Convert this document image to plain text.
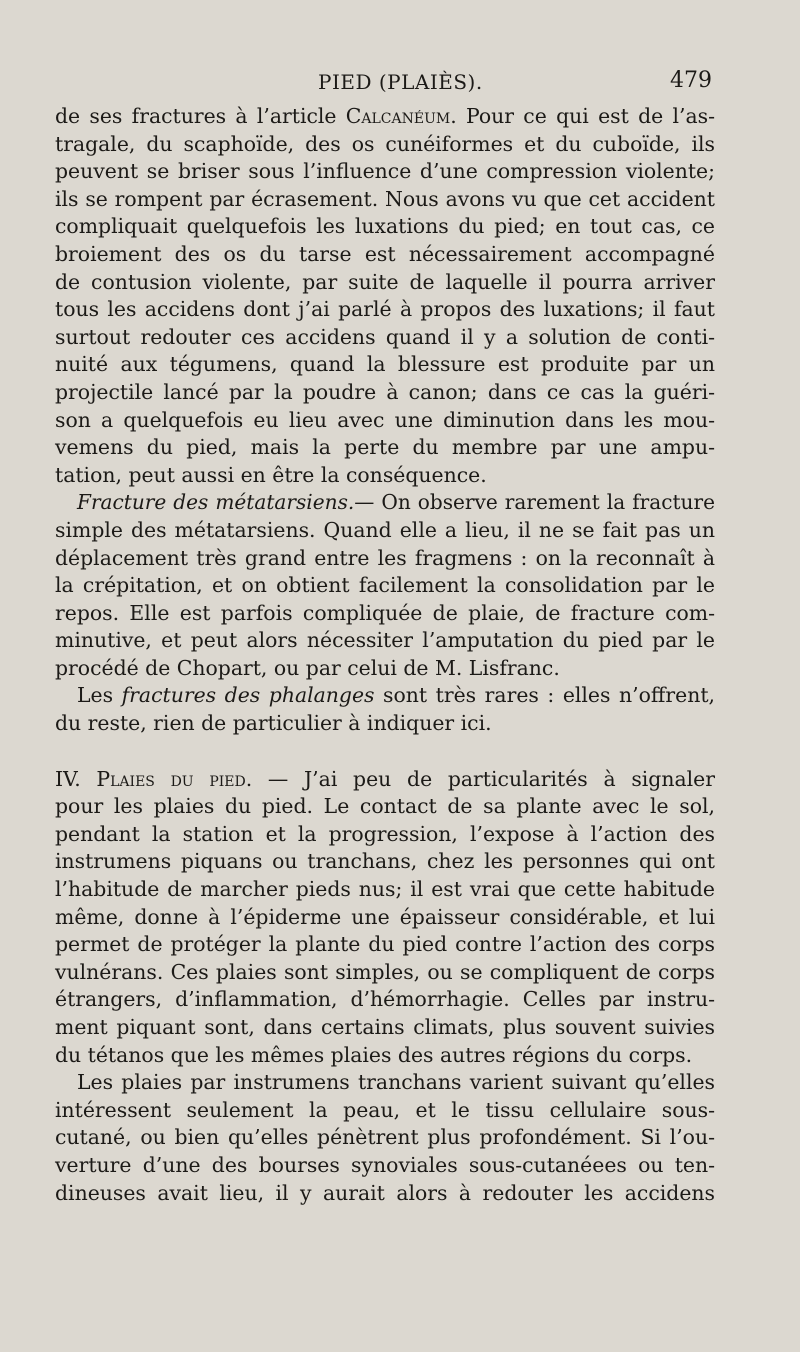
PIED (PLAIÈS).	479
de ses fractures à l’article Calcanéum. Pour ce qui est de l’as-
tragale, du scaphoïde, des os cunéiformes et du cuboïde, ils
peuvent se briser sous l’influence d’une compression violente;
ils se rompent par écrasement. Nous avons vu que cet accident
compliquait quelquefois les luxations du pied; en tout cas, ce
broiement des os du tarse est nécessairement accompagné
de contusion violente, par suite de laquelle il pourra arriver
tous les accidens dont j’ai parlé à propos des luxations; il faut
surtout redouter ces accidens quand il y a solution de conti-
nuité aux tégumens, quand la blessure est produite par un
projectile lancé par la poudre à canon; dans ce cas la guéri-
son a quelquefois eu lieu avec une diminution dans les mou-
vemens du pied, mais la perte du membre par une ampu-
tation, peut aussi en être la conséquence.
Fracture des métatarsiens.— On observe rarement la fracture
simple des métatarsiens. Quand elle a lieu, il ne se fait pas un
déplacement très grand entre les fragmens : on la reconnaît à
la crépitation, et on obtient facilement la consolidation par le
repos. Elle est parfois compliquée de plaie, de fracture com-
minutive, et peut alors nécessiter l’amputation du pied par le
procédé de Chopart, ou par celui de M. Lisfranc.
Les fractures des phalanges sont très rares : elles n’offrent,
du reste, rien de particulier à indiquer ici.
IV. Plaies du pied. — J’ai peu de particularités à signaler
pour les plaies du pied. Le contact de sa plante avec le sol,
pendant la station et la progression, l’expose à l’action des
instrumens piquans ou tranchans, chez les personnes qui ont
l’habitude de marcher pieds nus; il est vrai que cette habitude
même, donne à l’épiderme une épaisseur considérable, et lui
permet de protéger la plante du pied contre l’action des corps
vulnérans. Ces plaies sont simples, ou se compliquent de corps
étrangers, d’inflammation, d’hémorrhagie. Celles par instru-
ment piquant sont, dans certains climats, plus souvent suivies
du tétanos que les mêmes plaies des autres régions du corps.
Les plaies par instrumens tranchans varient suivant qu’elles
intéressent seulement la peau, et le tissu cellulaire sous-
cutané, ou bien qu’elles pénètrent plus profondément. Si l’ou-
verture d’une des bourses synoviales sous-cutanéees ou ten-
dineuses avait lieu, il y aurait alors à redouter les accidens
